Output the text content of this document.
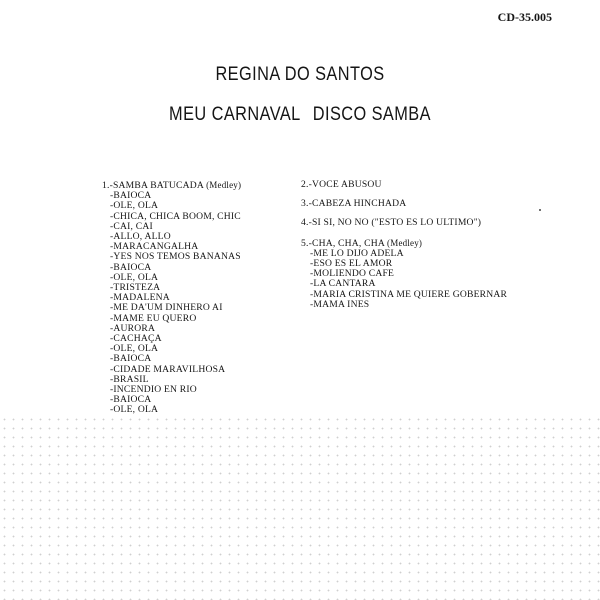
CD-35.005
REGINA DO SANTOS
MEU CARNAVAL DISCO SAMBA
1.-SAMBA BATUCADA (Medley)
-BAIOCA
-OLE, OLA
-CHICA, CHICA BOOM, CHIC
-CAI, CAI
-ALLO, ALLO
-MARACANGALHA
-YES NOS TEMOS BANANAS
-BAIOCA
-OLE, OLA
-TRISTEZA
-MADALENA
-ME DA'UM DINHERO AI
-MAME EU QUERO
-AURORA
-CACHAÇA
-OLE, OLA
-BAIOCA
-CIDADE MARAVILHOSA
-BRASIL
-INCENDIO EN RIO
-BAIOCA
-OLE, OLA
2.-VOCE ABUSOU
3.-CABEZA HINCHADA
4.-SI SI, NO NO ("ESTO ES LO ULTIMO")
5.-CHA, CHA, CHA (Medley)
-ME LO DIJO ADELA
-ESO ES EL AMOR
-MOLIENDO CAFE
-LA CANTARA
-MARIA CRISTINA ME QUIERE GOBERNAR
-MAMA INES
